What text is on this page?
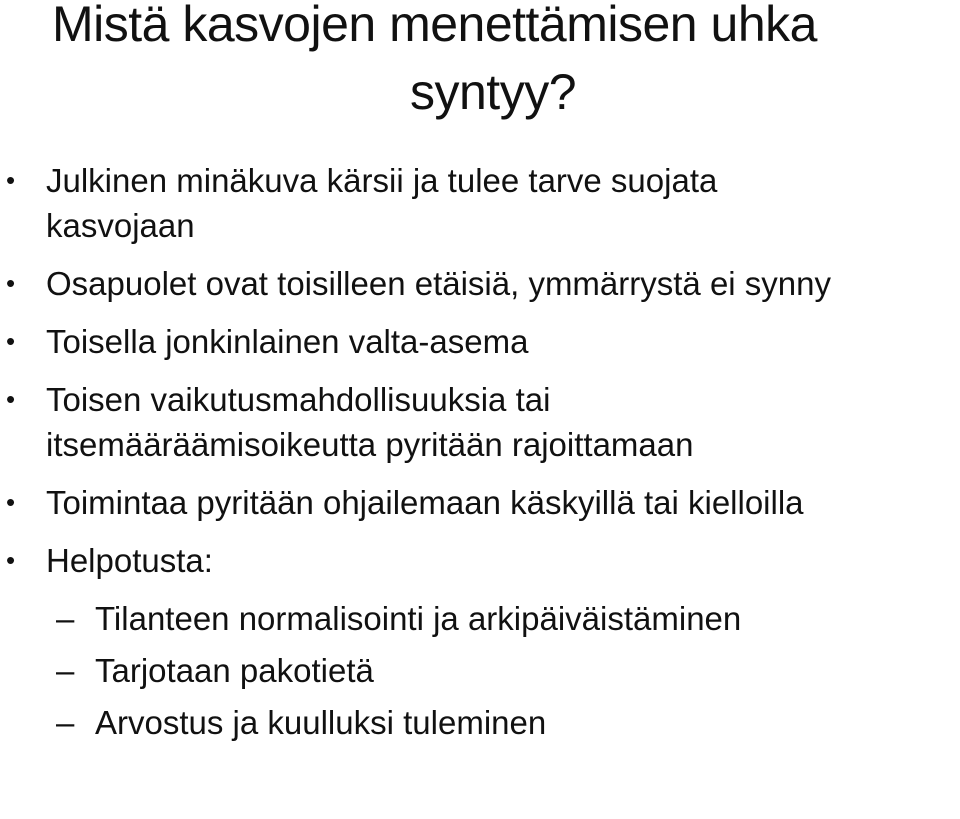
Mistä kasvojen menettämisen uhka
syntyy?
• Julkinen minäkuva kärsii ja tulee tarve suojata kasvojaan
• Osapuolet ovat toisilleen etäisiä, ymmärrystä ei synny
• Toisella jonkinlainen valta-asema
• Toisen vaikutusmahdollisuuksia tai itsemääräämisoikeutta pyritään rajoittamaan
• Toimintaa pyritään ohjailemaan käskyillä tai kielloilla
• Helpotusta:
– Tilanteen normalisointi ja arkipäiväistäminen
– Tarjotaan pakotietä
– Arvostus ja kuulluksi tuleminen
